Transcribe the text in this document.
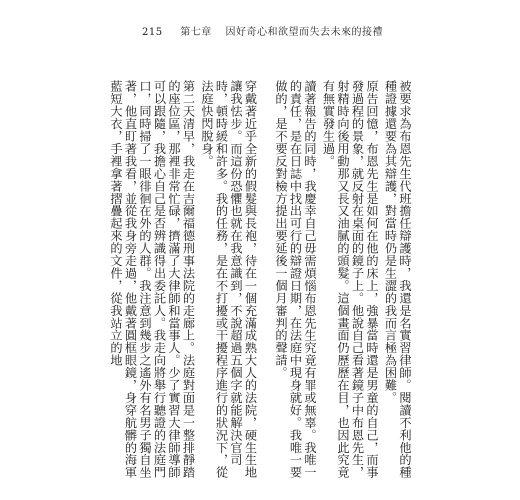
215 第七章 因好奇心和欲望而失去未來的接禮

被要求為布恩先生代班擔任辯護時，我還是名實習律師。閱讀不利他的種種證據還要為其辯護，對當時仍是生澀的我而言極為困難。

原告回憶，布恩先生是如何在他的床上，強暴當時還是男童的自己，而事發過程的景象，就反射在桌面的鏡子上。他說自己看著鏡子中布恩先生，射精時向後用動那又長又油膩的頭髮。這個畫面仍歷歷在目，也因此究竟有無實發生過。

讀著報告的同時，我慶幸自己毋需煩惱布恩先生究竟有罪或無辜。我唯一的責任，是在日誌中找出可行的辯證日期，在法庭中現身就好。我唯一要做的，是不要反對檢方提出要延後一個月審判的聲請。

穿戴著近乎全新的假髮與長袍，待在一個充滿成熟大人的法院，硬生生地讓我怯步。而這份恐懼也就在我意識到，不說超過五個字就能解決官司時，頓時緩和許多。我的任務，是在不打擾或干擾程序進行的狀況下，從法庭快閃脫身。

第二天清早，我走在吉爾福德刑事法院的走廊上。法庭對面是一整排靜踏的座位區，那裡非常忙碌，擠滿了大律師和當事人。少了實習大律師導師可以跟隨，我擔心自己是否辨識得出委託人。我走向將舉行聽證的法庭門口，同時掃了一眼徘徊在外的人群。我注意到幾步之遙外有名男子獨自坐著，他直盯著我看，並從我身旁走過，他戴著圓框眼鏡，身穿航髒的海軍藍短大衣，手裡拿著摺疊起來的文件，從我站立的地
